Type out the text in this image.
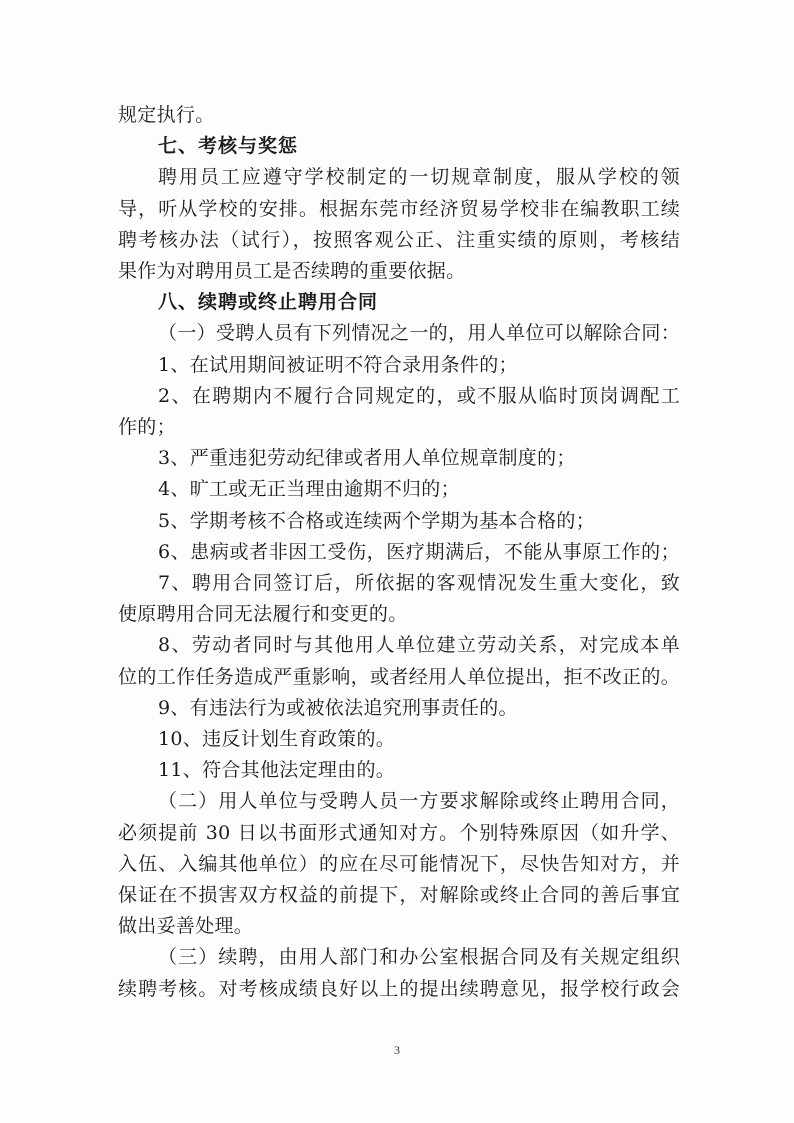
规定执行。
七、考核与奖惩
聘用员工应遵守学校制定的一切规章制度，服从学校的领
导，听从学校的安排。根据东莞市经济贸易学校非在编教职工续
聘考核办法（试行），按照客观公正、注重实绩的原则，考核结
果作为对聘用员工是否续聘的重要依据。
八、续聘或终止聘用合同
（一）受聘人员有下列情况之一的，用人单位可以解除合同：
1、在试用期间被证明不符合录用条件的；
2、在聘期内不履行合同规定的，或不服从临时顶岗调配工
作的；
3、严重违犯劳动纪律或者用人单位规章制度的；
4、旷工或无正当理由逾期不归的；
5、学期考核不合格或连续两个学期为基本合格的；
6、患病或者非因工受伤，医疗期满后，不能从事原工作的；
7、聘用合同签订后，所依据的客观情况发生重大变化，致
使原聘用合同无法履行和变更的。
8、劳动者同时与其他用人单位建立劳动关系，对完成本单
位的工作任务造成严重影响，或者经用人单位提出，拒不改正的。
9、有违法行为或被依法追究刑事责任的。
10、违反计划生育政策的。
11、符合其他法定理由的。
（二）用人单位与受聘人员一方要求解除或终止聘用合同，
必须提前 30 日以书面形式通知对方。个别特殊原因（如升学、
入伍、入编其他单位）的应在尽可能情况下，尽快告知对方，并
保证在不损害双方权益的前提下，对解除或终止合同的善后事宜
做出妥善处理。
（三）续聘，由用人部门和办公室根据合同及有关规定组织
续聘考核。对考核成绩良好以上的提出续聘意见，报学校行政会
3
